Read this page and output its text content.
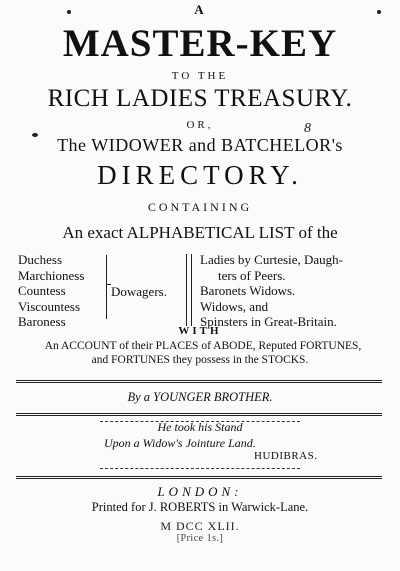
8
A
MASTER-KEY
TO THE
RICH LADIES TREASURY.
OR,
The WIDOWER and BATCHELOR's
DIRECTORY.
CONTAINING
An exact ALPHABETICAL LIST of the
Duchess
Marchioness
Countess
Viscountess
Baroness
Dowagers.
Ladies by Curtesie, Daugh-
ters of Peers.
Baronets Widows.
Widows, and
Spinsters in Great-Britain.
WITH
An ACCOUNT of their PLACES of ABODE, Reputed FORTUNES,
and FORTUNES they possess in the STOCKS.
By a YOUNGER BROTHER.
He took his Stand
Upon a Widow's Jointure Land.
HUDIBRAS.
LONDON:
Printed for J. ROBERTS in Warwick-Lane.
M DCC XLII.
[Price 1s.]
